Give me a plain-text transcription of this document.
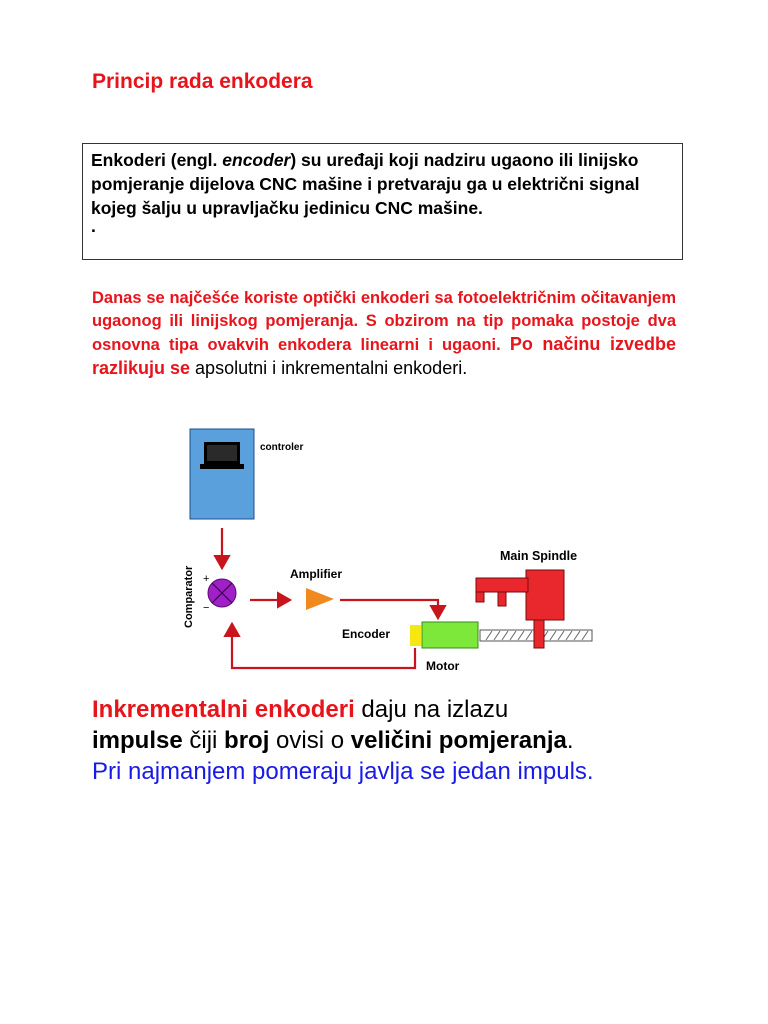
Princip rada enkodera
Enkoderi (engl. encoder) su uređaji koji nadziru ugaono ili linijsko pomjeranje dijelova CNC mašine i pretvaraju ga u električni signal kojeg šalju u upravljačku jedinicu CNC mašine.
.
Danas se najčešće koriste optički enkoderi sa fotoelektričnim očitavanjem ugaonog ili linijskog pomjeranja. S obzirom na tip pomaka postoje dva osnovna tipa ovakvih enkodera linearni i ugaoni. Po načinu izvedbe razlikuju se apsolutni i inkrementalni enkoderi.
controler
+
−
Comparator	Amplifier
Encoder
Motor
Main Spindle
Inkrementalni enkoderi daju na izlazu
impulse čiji broj ovisi o veličini pomjeranja.
Pri najmanjem pomeraju javlja se jedan impuls.
